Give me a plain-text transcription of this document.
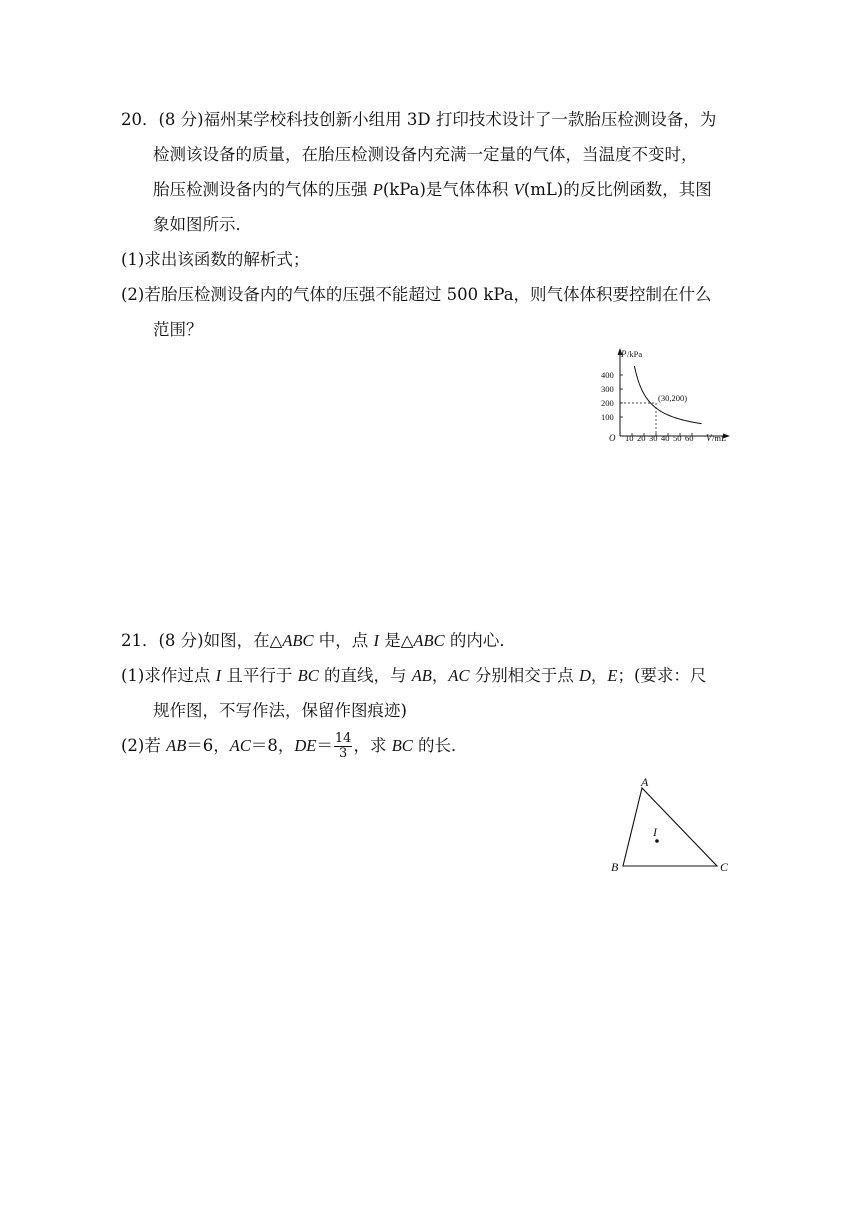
20．(8 分)福州某学校科技创新小组用 3D 打印技术设计了一款胎压检测设备，为
检测该设备的质量，在胎压检测设备内充满一定量的气体，当温度不变时，
胎压检测设备内的气体的压强 P(kPa)是气体体积 V(mL)的反比例函数，其图
象如图所示．
(1)求出该函数的解析式；
(2)若胎压检测设备内的气体的压强不能超过 500 kPa，则气体体积要控制在什么
范围？
P /kPa
V /mL
O
400
300
200
100
10 20 30 40 50 60
(30,200)
21．(8 分)如图，在△ABC 中，点 I 是△ABC 的内心．
(1)求作过点 I 且平行于 BC 的直线，与 AB，AC 分别相交于点 D，E；(要求：尺
规作图，不写作法，保留作图痕迹)
(2)若 AB＝6，AC＝8，$DE= \frac{14}{3}$ ，求 BC 的长．
A
B	C
I
